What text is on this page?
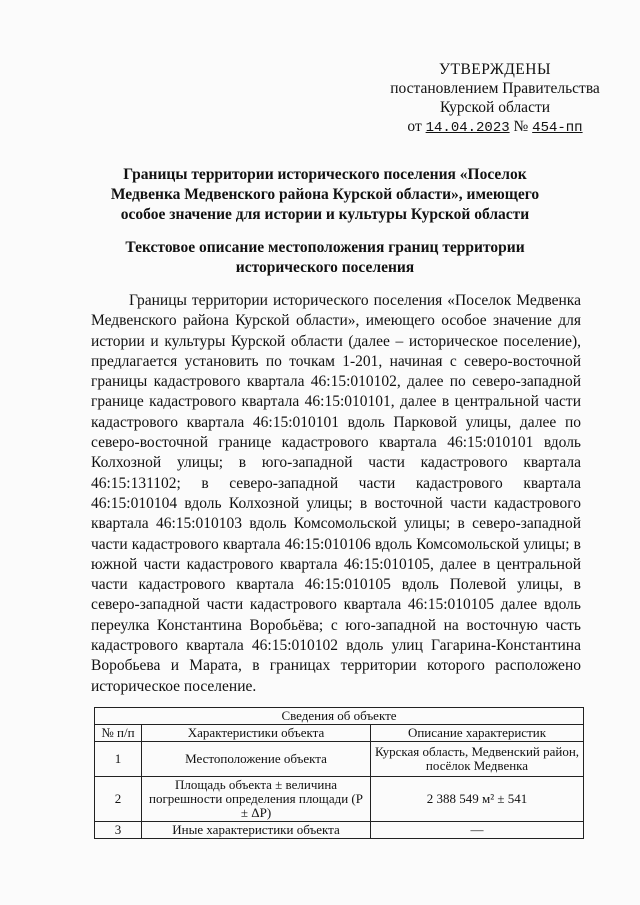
УТВЕРЖДЕНЫ
постановлением Правительства
Курской области
от 14.04.2023 № 454-пп
Границы территории исторического поселения «Поселок Медвенка Медвенского района Курской области», имеющего особое значение для истории и культуры Курской области
Текстовое описание местоположения границ территории исторического поселения

Границы территории исторического поселения «Поселок Медвенка Медвенского района Курской области», имеющего особое значение для истории и культуры Курской области (далее – историческое поселение), предлагается установить по точкам 1-201, начиная с северо-восточной границы кадастрового квартала 46:15:010102, далее по северо-западной границе кадастрового квартала 46:15:010101, далее в центральной части кадастрового квартала 46:15:010101 вдоль Парковой улицы, далее по северо-восточной границе кадастрового квартала 46:15:010101 вдоль Колхозной улицы; в юго-западной части кадастрового квартала 46:15:131102; в северо-западной части кадастрового квартала 46:15:010104 вдоль Колхозной улицы; в восточной части кадастрового квартала 46:15:010103 вдоль Комсомольской улицы; в северо-западной части кадастрового квартала 46:15:010106 вдоль Комсомольской улицы; в южной части кадастрового квартала 46:15:010105, далее в центральной части кадастрового квартала 46:15:010105 вдоль Полевой улицы, в северо-западной части кадастрового квартала 46:15:010105 далее вдоль переулка Константина Воробьёва; с юго-западной на восточную часть кадастрового квартала 46:15:010102 вдоль улиц Гагарина-Константина Воробьева и Марата, в границах территории которого расположено историческое поселение.

Сведения об объекте		
№ п/п	Характеристики объекта	Описание характеристик
1	Местоположение объекта	Курская область, Медвенский район, посёлок Медвенка
2	Площадь объекта ± величина погрешности определения площади (P ± ΔP)	2 388 549 м² ± 541
3	Иные характеристики объекта	—
